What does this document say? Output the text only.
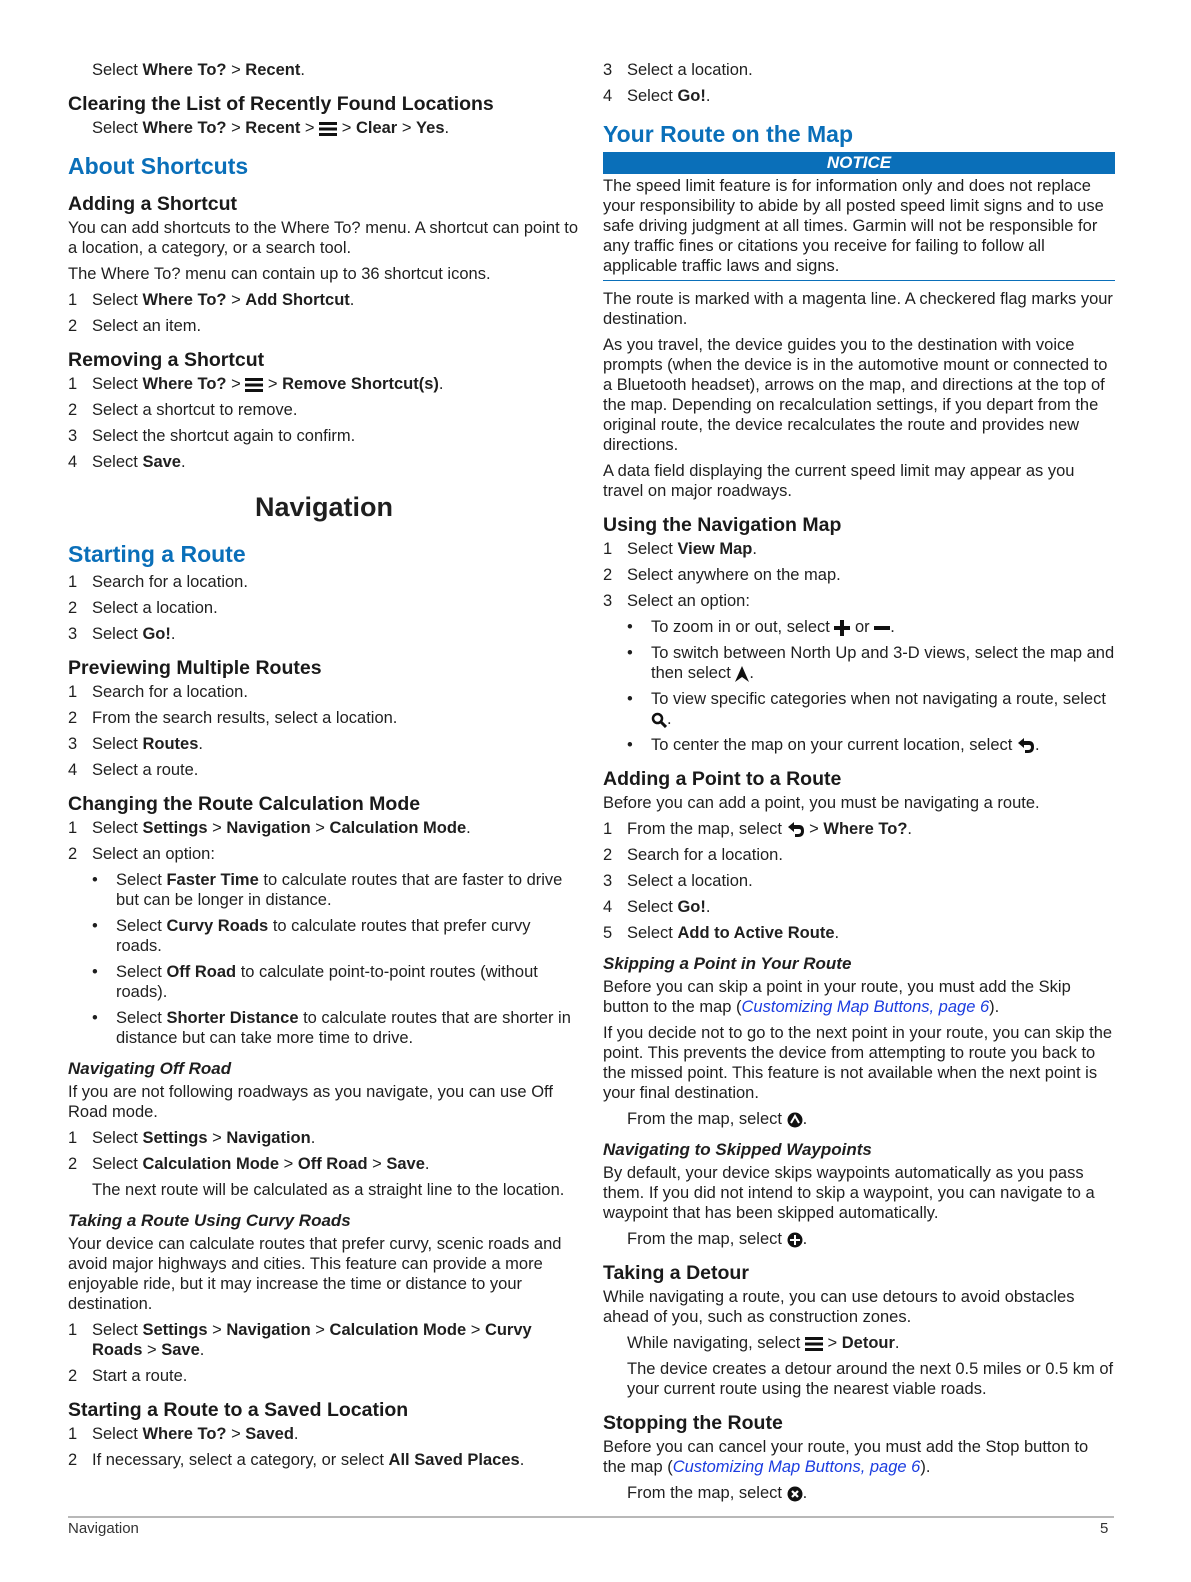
Select Where To? > Recent.

Clearing the List of Recently Found Locations

Select Where To? > Recent >  > Clear > Yes.

About Shortcuts
Adding a Shortcut

You can add shortcuts to the Where To? menu. A shortcut can point to a location, a category, or a search tool.

The Where To? menu can contain up to 36 shortcut icons.

1 Select Where To? > Add Shortcut.
2 Select an item.
Removing a Shortcut
1 Select Where To? >  > Remove Shortcut(s).
2 Select a shortcut to remove.
3 Select the shortcut again to confirm.
4 Select Save.
Navigation
Starting a Route
1 Search for a location.
2 Select a location.
3 Select Go!.
Previewing Multiple Routes
1 Search for a location.
2 From the search results, select a location.
3 Select Routes.
4 Select a route.
Changing the Route Calculation Mode
1 Select Settings > Navigation > Calculation Mode.
2 Select an option:
•	Select Faster Time to calculate routes that are faster to drive but can be longer in distance.
•	Select Curvy Roads to calculate routes that prefer curvy roads.
•	Select Off Road to calculate point-to-point routes (without roads).
•	Select Shorter Distance to calculate routes that are shorter in distance but can take more time to drive.
Navigating Off Road

If you are not following roadways as you navigate, you can use Off Road mode.

1 Select Settings > Navigation.
2 Select Calculation Mode > Off Road > Save.

The next route will be calculated as a straight line to the location.

Taking a Route Using Curvy Roads

Your device can calculate routes that prefer curvy, scenic roads and avoid major highways and cities. This feature can provide a more enjoyable ride, but it may increase the time or distance to your destination.

1 Select Settings > Navigation > Calculation Mode > Curvy Roads > Save.
2 Start a route.
Starting a Route to a Saved Location
1 Select Where To? > Saved.
2 If necessary, select a category, or select All Saved Places.
3 Select a location.
4 Select Go!.
Your Route on the Map
NOTICE
The speed limit feature is for information only and does not replace your responsibility to abide by all posted speed limit signs and to use safe driving judgment at all times. Garmin will not be responsible for any traffic fines or citations you receive for failing to follow all applicable traffic laws and signs.

The route is marked with a magenta line. A checkered flag marks your destination.

As you travel, the device guides you to the destination with voice prompts (when the device is in the automotive mount or connected to a Bluetooth headset), arrows on the map, and directions at the top of the map. Depending on recalculation settings, if you depart from the original route, the device recalculates the route and provides new directions.

A data field displaying the current speed limit may appear as you travel on major roadways.

Using the Navigation Map
1 Select View Map.
2 Select anywhere on the map.
3 Select an option:
•	To zoom in or out, select  or .
•	To switch between North Up and 3-D views, select the map and then select .
•	To view specific categories when not navigating a route, select .
•	To center the map on your current location, select .
Adding a Point to a Route

Before you can add a point, you must be navigating a route.

1 From the map, select  > Where To?.
2 Search for a location.
3 Select a location.
4 Select Go!.
5 Select Add to Active Route.
Skipping a Point in Your Route

Before you can skip a point in your route, you must add the Skip button to the map (Customizing Map Buttons, page 6).

If you decide not to go to the next point in your route, you can skip the point. This prevents the device from attempting to route you back to the missed point. This feature is not available when the next point is your final destination.

From the map, select .

Navigating to Skipped Waypoints

By default, your device skips waypoints automatically as you pass them. If you did not intend to skip a waypoint, you can navigate to a waypoint that has been skipped automatically.

From the map, select .

Taking a Detour

While navigating a route, you can use detours to avoid obstacles ahead of you, such as construction zones.

While navigating, select  > Detour.

The device creates a detour around the next 0.5 miles or 0.5 km of your current route using the nearest viable roads.

Stopping the Route

Before you can cancel your route, you must add the Stop button to the map (Customizing Map Buttons, page 6).

From the map, select .

Navigation	5
